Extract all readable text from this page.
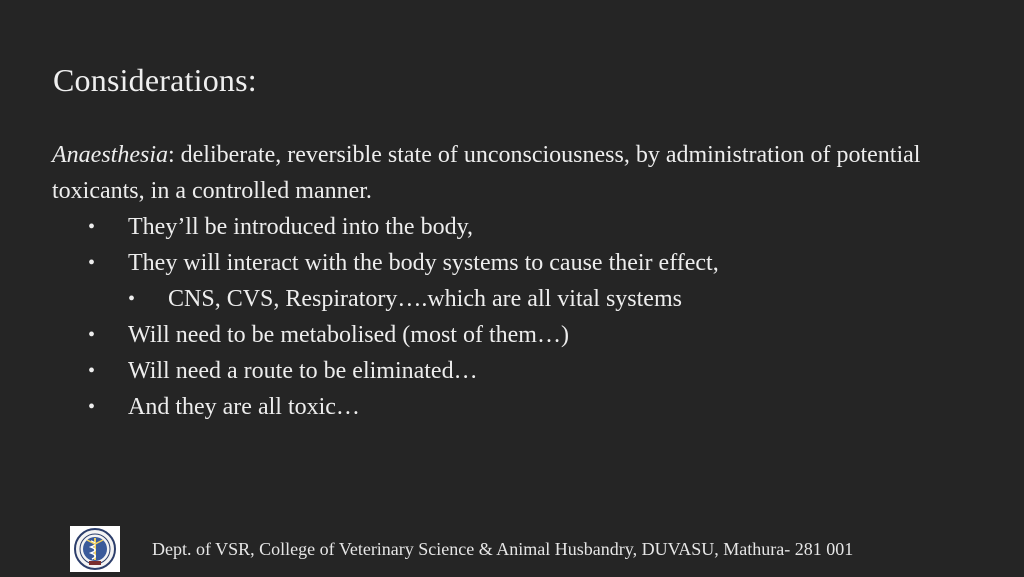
Considerations:
Anaesthesia: deliberate, reversible state of unconsciousness, by administration of potential toxicants, in a controlled manner.
• They’ll be introduced into the body,
• They will interact with the body systems to cause their effect,
• CNS, CVS, Respiratory….which are all vital systems
• Will need to be metabolised (most of them…)
• Will need a route to be eliminated…
• And they are all toxic…
Dept. of VSR, College of Veterinary Science & Animal Husbandry, DUVASU, Mathura- 281 001
